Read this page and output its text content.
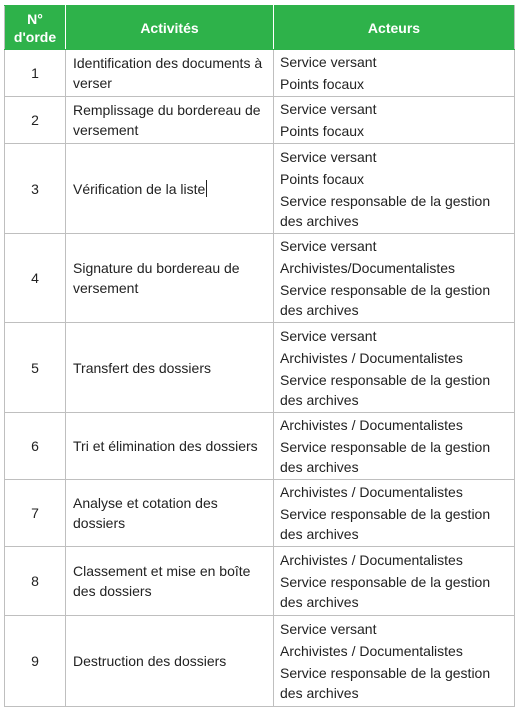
N°
d'orde	Activités	Acteurs
1	Identification des documents à verser	Service versant
Points focaux

2	Remplissage du bordereau de versement	Service versant
Points focaux

3	Vérification de la liste	Service versant
Points focaux
Service responsable de la gestion des archives

4	Signature du bordereau de versement	Service versant
Archivistes/Documentalistes
Service responsable de la gestion des archives

5	Transfert des dossiers	Service versant
Archivistes / Documentalistes
Service responsable de la gestion des archives

6	Tri et élimination des dossiers	Archivistes / Documentalistes
Service responsable de la gestion des archives

7	Analyse et cotation des dossiers	Archivistes / Documentalistes
Service responsable de la gestion des archives

8	Classement et mise en boîte des dossiers	Archivistes / Documentalistes
Service responsable de la gestion des archives

9	Destruction des dossiers	Service versant
Archivistes / Documentalistes
Service responsable de la gestion des archives
